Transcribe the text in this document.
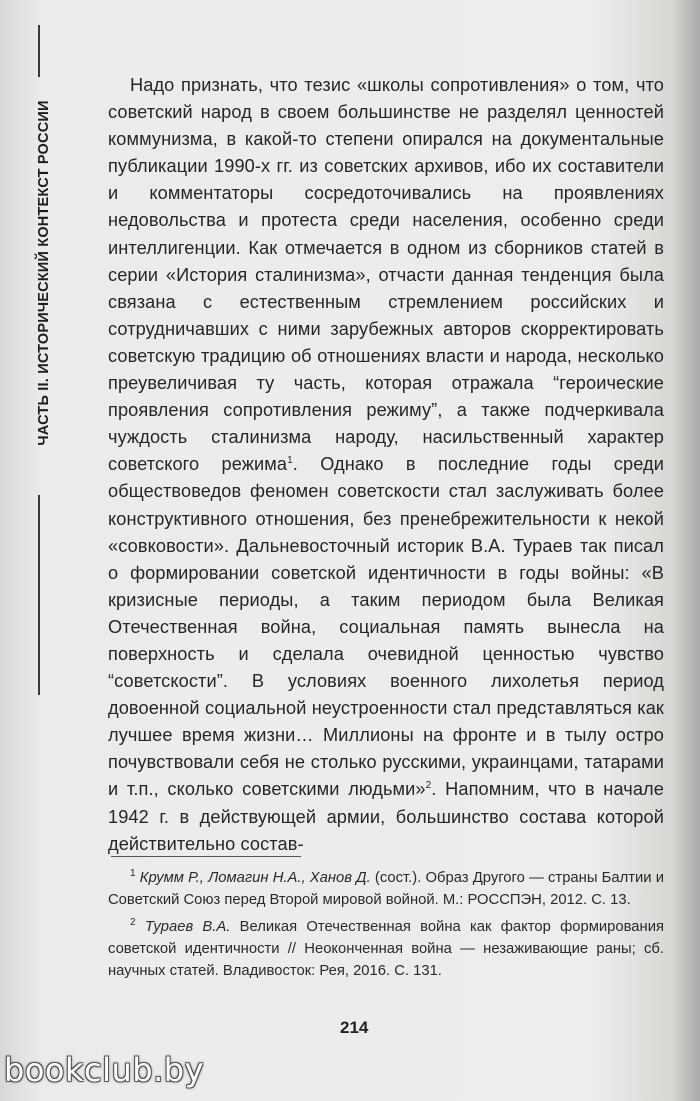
ЧАСТЬ II. ИСТОРИЧЕСКИЙ КОНТЕКСТ РОССИИ

Надо признать, что тезис «школы сопротивления» о том, что советский народ в своем большинстве не разделял ценностей коммунизма, в какой-то степени опирался на документальные публикации 1990-х гг. из советских архивов, ибо их составители и комментаторы сосредоточивались на проявлениях недовольства и протеста среди населения, особенно среди интеллигенции. Как отмечается в одном из сборников статей в серии «История сталинизма», отчасти данная тенденция была связана с естественным стремлением российских и сотрудничавших с ними зарубежных авторов скорректировать советскую традицию об отношениях власти и народа, несколько преувеличивая ту часть, которая отражала “героические проявления сопротивления режиму”, а также подчеркивала чуждость сталинизма народу, насильственный характер советского режима$^1$. Однако в последние годы среди обществоведов феномен советскости стал заслуживать более конструктивного отношения, без пренебрежительности к некой «совковости». Дальневосточный историк В.А. Тураев так писал о формировании советской идентичности в годы войны: «В кризисные периоды, а таким периодом была Великая Отечественная война, социальная память вынесла на поверхность и сделала очевидной ценностью чувство “советскости”. В условиях военного лихолетья период довоенной социальной неустроенности стал представляться как лучшее время жизни… Миллионы на фронте и в тылу остро почувствовали себя не столько русскими, украинцами, татарами и т.п., сколько советскими людьми»$^2$. Напомним, что в начале 1942 г. в действующей армии, большинство состава которой действительно состав-

$^1$ Крумм Р., Ломагин Н.А., Ханов Д. (сост.). Образ Другого — страны Балтии и Советский Союз перед Второй мировой войной. М.: РОССПЭН, 2012. С. 13.

$^2$ Тураев В.А. Великая Отечественная война как фактор формирования советской идентичности // Неоконченная война — незаживающие раны; сб. научных статей. Владивосток: Рея, 2016. С. 131.

214
bookclub.by
